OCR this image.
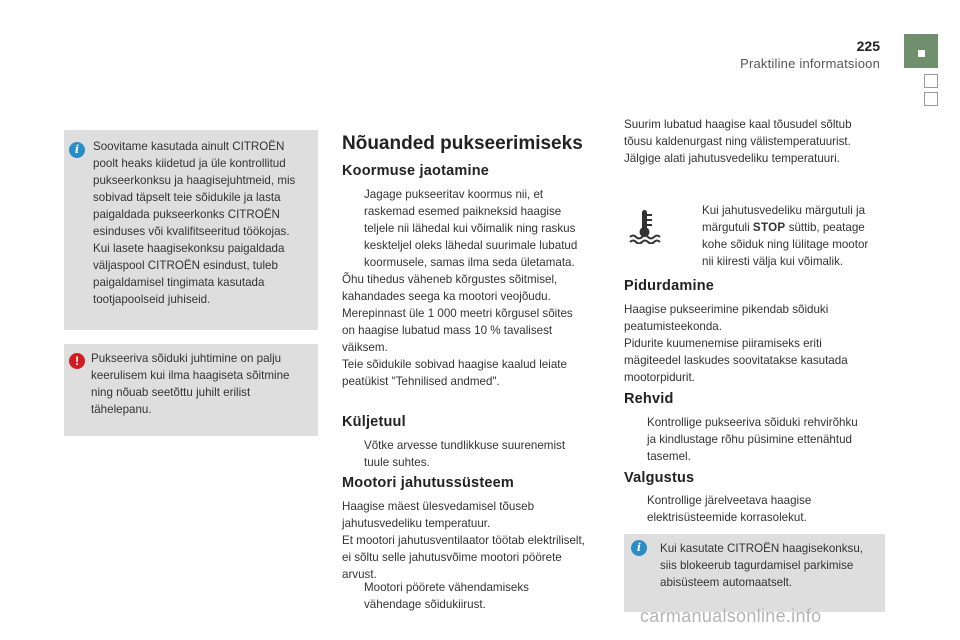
225
Praktiline informatsioon
i	Soovitame kasutada ainult CITROËN
poolt heaks kiidetud ja üle kontrollitud
pukseerkonksu ja haagisejuhtmeid, mis
sobivad täpselt teie sõidukile ja lasta
paigaldada pukseerkonks CITROËN
esinduses või kvalifitseeritud töökojas.
Kui lasete haagisekonksu paigaldada
väljaspool CITROËN esindust, tuleb
paigaldamisel tingimata kasutada
tootjapoolseid juhiseid.
!	Pukseeriva sõiduki juhtimine on palju
keerulisem kui ilma haagiseta sõitmine
ning nõuab seetõttu juhilt erilist
tähelepanu.
Nõuanded pukseerimiseks
Koormuse jaotamine
Jagage pukseeritav koormus nii, et
raskemad esemed paikneksid haagise
teljele nii lähedal kui võimalik ning raskus
keskteljel oleks lähedal suurimale lubatud
koormusele, samas ilma seda ületamata.
Õhu tihedus väheneb kõrgustes sõitmisel,
kahandades seega ka mootori veojõudu.
Merepinnast üle 1 000 meetri kõrgusel sõites
on haagise lubatud mass 10 % tavalisest
väiksem.
Teie sõidukile sobivad haagise kaalud leiate
peatükist "Tehnilised andmed".
Küljetuul
Võtke arvesse tundlikkuse suurenemist
tuule suhtes.
Mootori jahutussüsteem
Haagise mäest ülesvedamisel tõuseb
jahutusvedeliku temperatuur.
Et mootori jahutusventilaator töötab elektriliselt,
ei sõltu selle jahutusvõime mootori pöörete
arvust.
Mootori pöörete vähendamiseks
vähendage sõidukiirust.
Suurim lubatud haagise kaal tõusudel sõltub
tõusu kaldenurgast ning välistemperatuurist.
Jälgige alati jahutusvedeliku temperatuuri.
Kui jahutusvedeliku märgutuli ja
märgutuli STOP süttib, peatage
kohe sõiduk ning lülitage mootor
nii kiiresti välja kui võimalik.
Pidurdamine
Haagise pukseerimine pikendab sõiduki
peatumisteekonda.
Pidurite kuumenemise piiramiseks eriti
mägiteedel laskudes soovitatakse kasutada
mootorpidurit.
Rehvid
Kontrollige pukseeriva sõiduki rehvirõhku
ja kindlustage rõhu püsimine ettenähtud
tasemel.
Valgustus
Kontrollige järelveetava haagise
elektrisüsteemide korrasolekut.
i	Kui kasutate CITROËN haagisekonksu,
siis blokeerub tagurdamisel parkimise
abisüsteem automaatselt.
carmanualsonline.info
